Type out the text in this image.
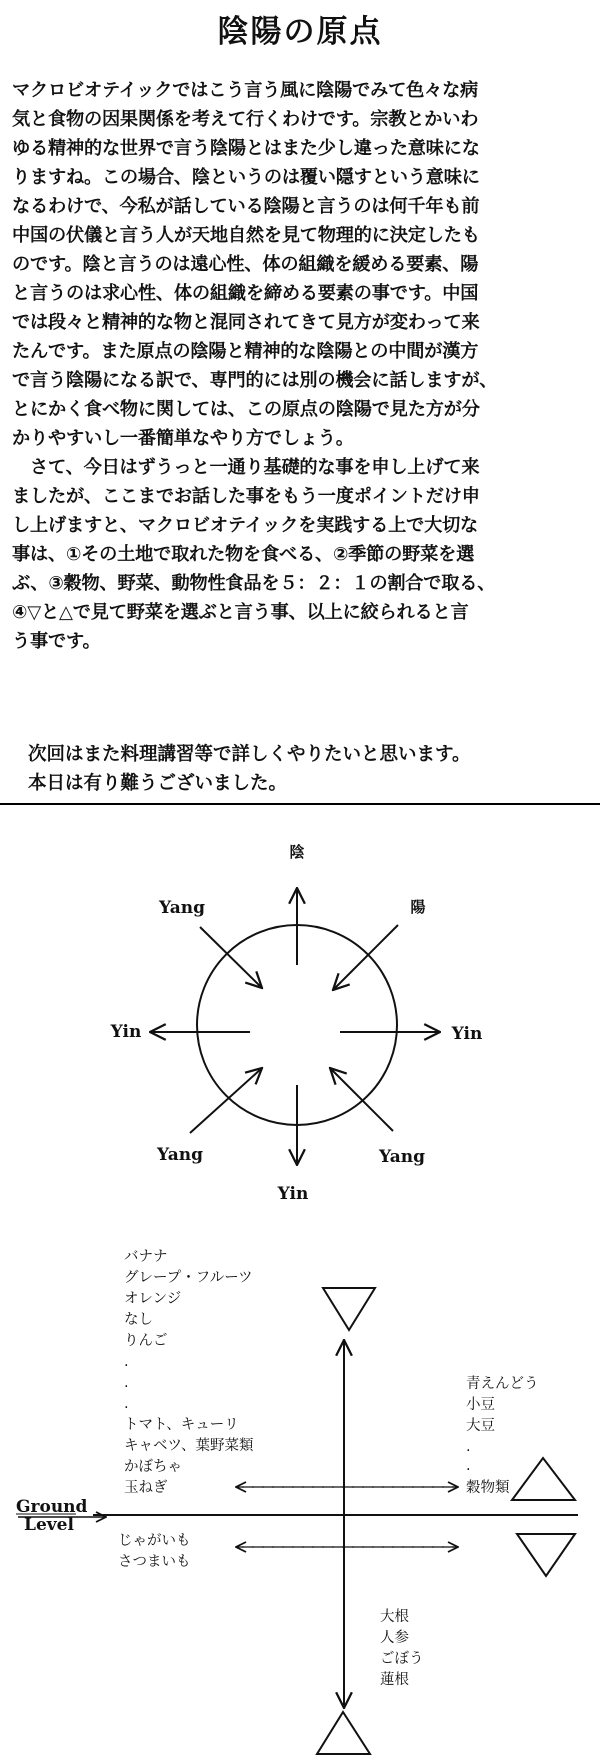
陰陽の原点
マクロビオテイックではこう言う風に陰陽でみて色々な病
気と食物の因果関係を考えて行くわけです。宗教とかいわ
ゆる精神的な世界で言う陰陽とはまた少し違った意味にな
りますね。この場合、陰というのは覆い隠すという意味に
なるわけで、今私が話している陰陽と言うのは何千年も前
中国の伏儀と言う人が天地自然を見て物理的に決定したも
のです。陰と言うのは遠心性、体の組織を緩める要素、陽
と言うのは求心性、体の組織を締める要素の事です。中国
では段々と精神的な物と混同されてきて見方が変わって来
たんです。また原点の陰陽と精神的な陰陽との中間が漢方
で言う陰陽になる訳で、専門的には別の機会に話しますが、
とにかく食べ物に関しては、この原点の陰陽で見た方が分
かりやすいし一番簡単なやり方でしょう。
　さて、今日はずうっと一通り基礎的な事を申し上げて来
ましたが、ここまでお話した事をもう一度ポイントだけ申
し上げますと、マクロビオテイックを実践する上で大切な
事は、①その土地で取れた物を食べる、②季節の野菜を選
ぶ、③穀物、野菜、動物性食品を５：２：１の割合で取る、
④▽と△で見て野菜を選ぶと言う事、以上に絞られると言
う事です。
次回はまた料理講習等で詳しくやりたいと思います。
本日は有り難うございました。
陰
陽
Yang
Yin	Yin
Yang	Yang
Yin
Ground
Level
バナナ
グレープ・フルーツ
オレンジ
なし
りんご
.
.
.
トマト、キューリ
キャベツ、葉野菜類
かぼちゃ
玉ねぎ
青えんどう
小豆
大豆
.
.
穀物類
じゃがいも
さつまいも
大根
人参
ごぼう
蓮根
